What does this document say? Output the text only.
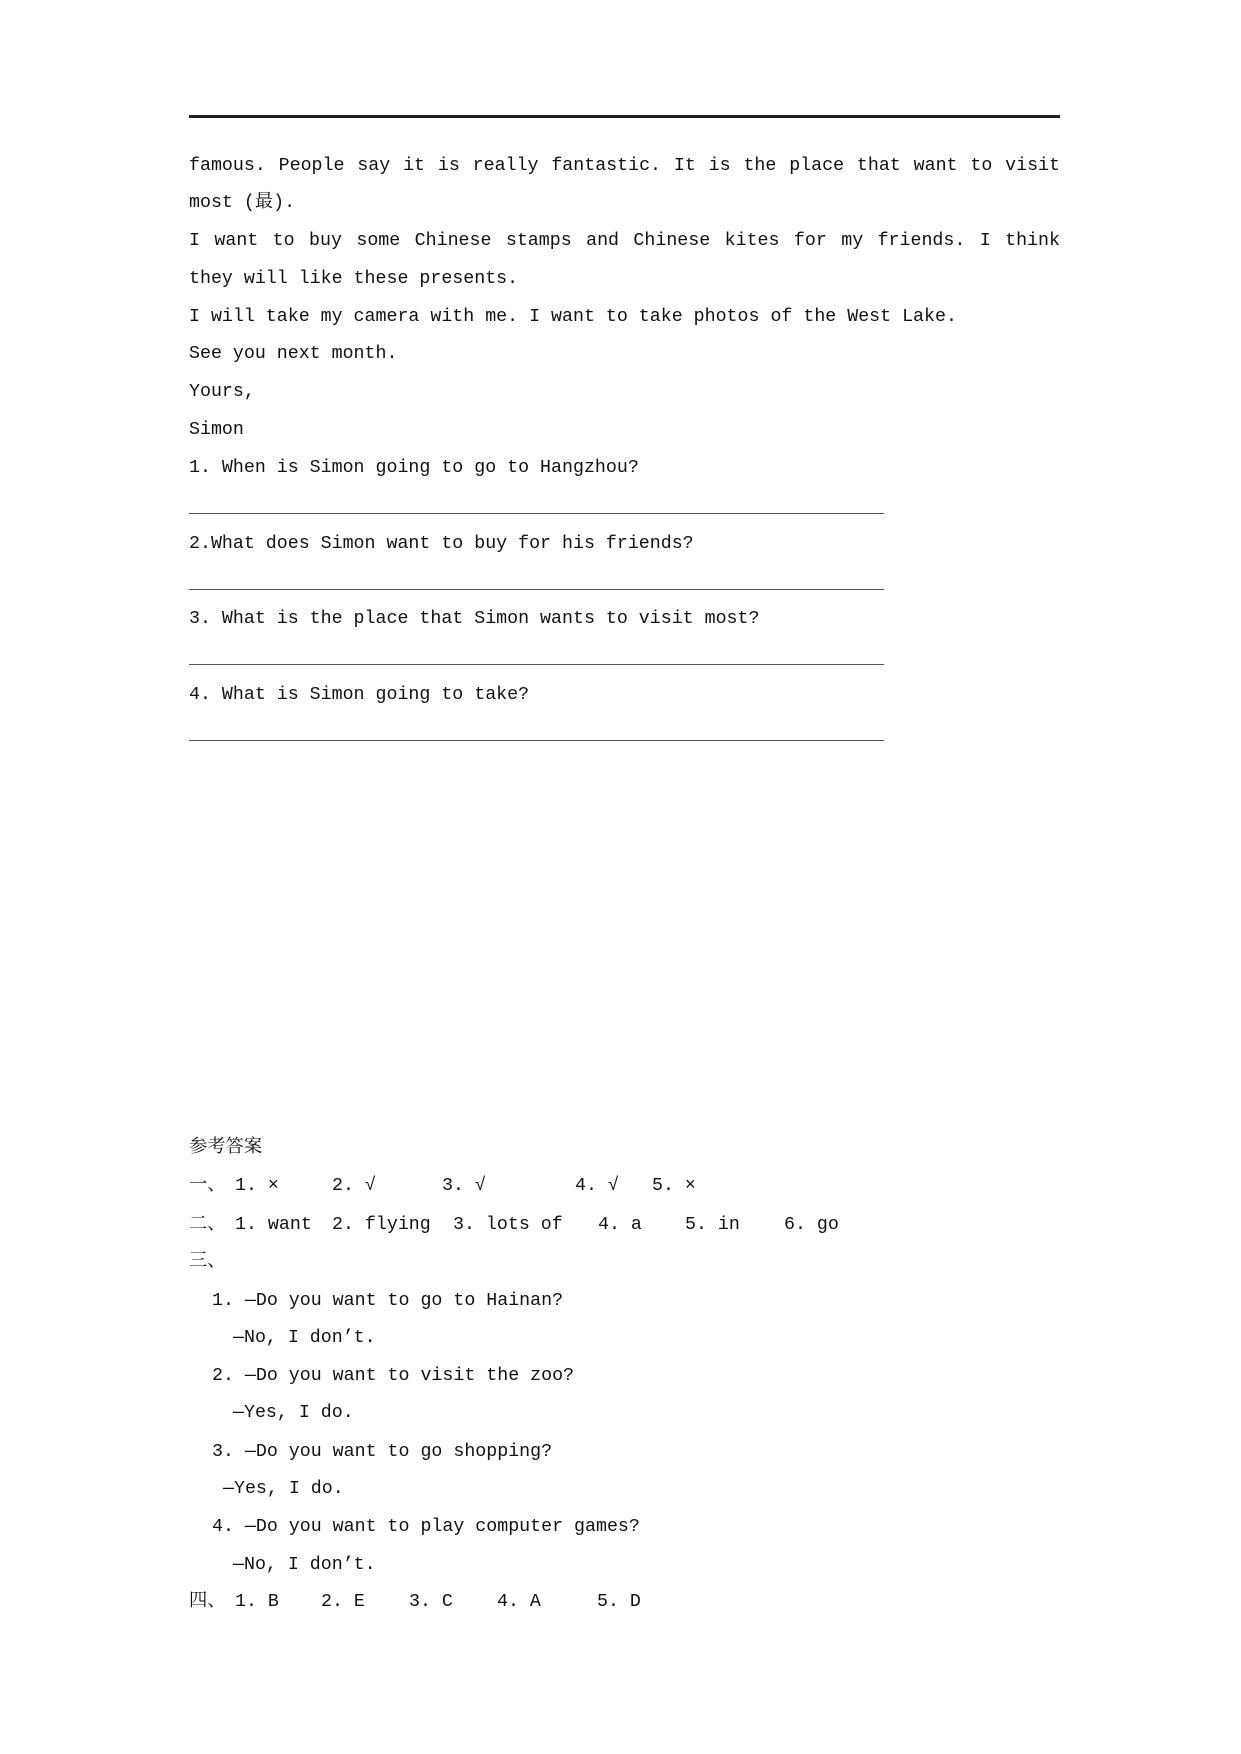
famous. People say it is really fantastic. It is the place that want to visit
most (最).
I want to buy some Chinese stamps and Chinese kites for my friends. I think
they will like these presents.
I will take my camera with me. I want to take photos of the West Lake.
See you next month.
Yours,
Simon
1. When is Simon going to go to Hangzhou?
2.What does Simon want to buy for his friends?
3. What is the place that Simon wants to visit most?
4. What is Simon going to take?
参考答案
一、 1. ×	2. √	3. √	4. √ 5. ×
二、 1. want 2. flying 3. lots of 4. a 5. in 6. go
三、
1. —Do you want to go to Hainan?
—No, I don’t.
2. —Do you want to visit the zoo?
—Yes, I do.
3. —Do you want to go shopping?
—Yes, I do.
4. —Do you want to play computer games?
—No, I don’t.
四、 1. B 2. E 3. C 4. A	5. D
